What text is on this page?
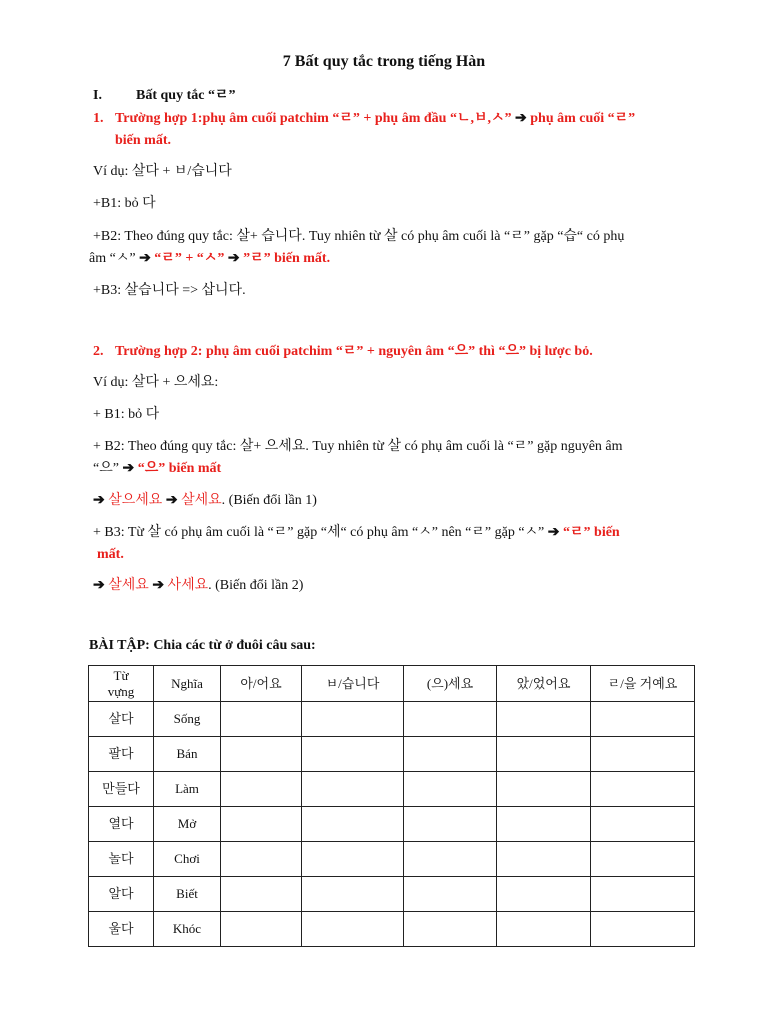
7 Bất quy tắc trong tiếng Hàn
I. Bất quy tắc “ㄹ”
1. Trường hợp 1:phụ âm cuối patchim “ㄹ” + phụ âm đầu “ㄴ,ㅂ,ㅅ” ➔ phụ âm cuối “ㄹ”
biến mất.
Ví dụ: 살다 + ㅂ/습니다
+B1: bỏ 다
+B2: Theo đúng quy tắc: 살+ 습니다. Tuy nhiên từ 살 có phụ âm cuối là “ㄹ” gặp “습“ có phụ
âm “ㅅ” ➔ “ㄹ” + “ㅅ” ➔ ”ㄹ” biến mất.
+B3: 살습니다 => 삽니다.
2. Trường hợp 2: phụ âm cuối patchim “ㄹ” + nguyên âm “으” thì “으” bị lược bỏ.
Ví dụ: 살다 + 으세요:
+ B1: bỏ 다
+ B2: Theo đúng quy tắc: 살+ 으세요. Tuy nhiên từ 살 có phụ âm cuối là “ㄹ” gặp nguyên âm
“으” ➔ “으” biến mất
➔ 살으세요 ➔ 살세요. (Biến đổi lần 1)
+ B3: Từ 살 có phụ âm cuối là “ㄹ” gặp “세“ có phụ âm “ㅅ” nên “ㄹ” gặp “ㅅ” ➔ “ㄹ” biến
mất.
➔ 살세요 ➔ 사세요. (Biến đổi lần 2)
BÀI TẬP: Chia các từ ở đuôi câu sau:
Từ
vựng	Nghĩa	아/어요	ㅂ/습니다	(으)세요	았/었어요	ㄹ/을 거예요
살다	Sống					
팔다	Bán					
만들다	Làm					
열다	Mở					
놀다	Chơi					
알다	Biết					
울다	Khóc					
